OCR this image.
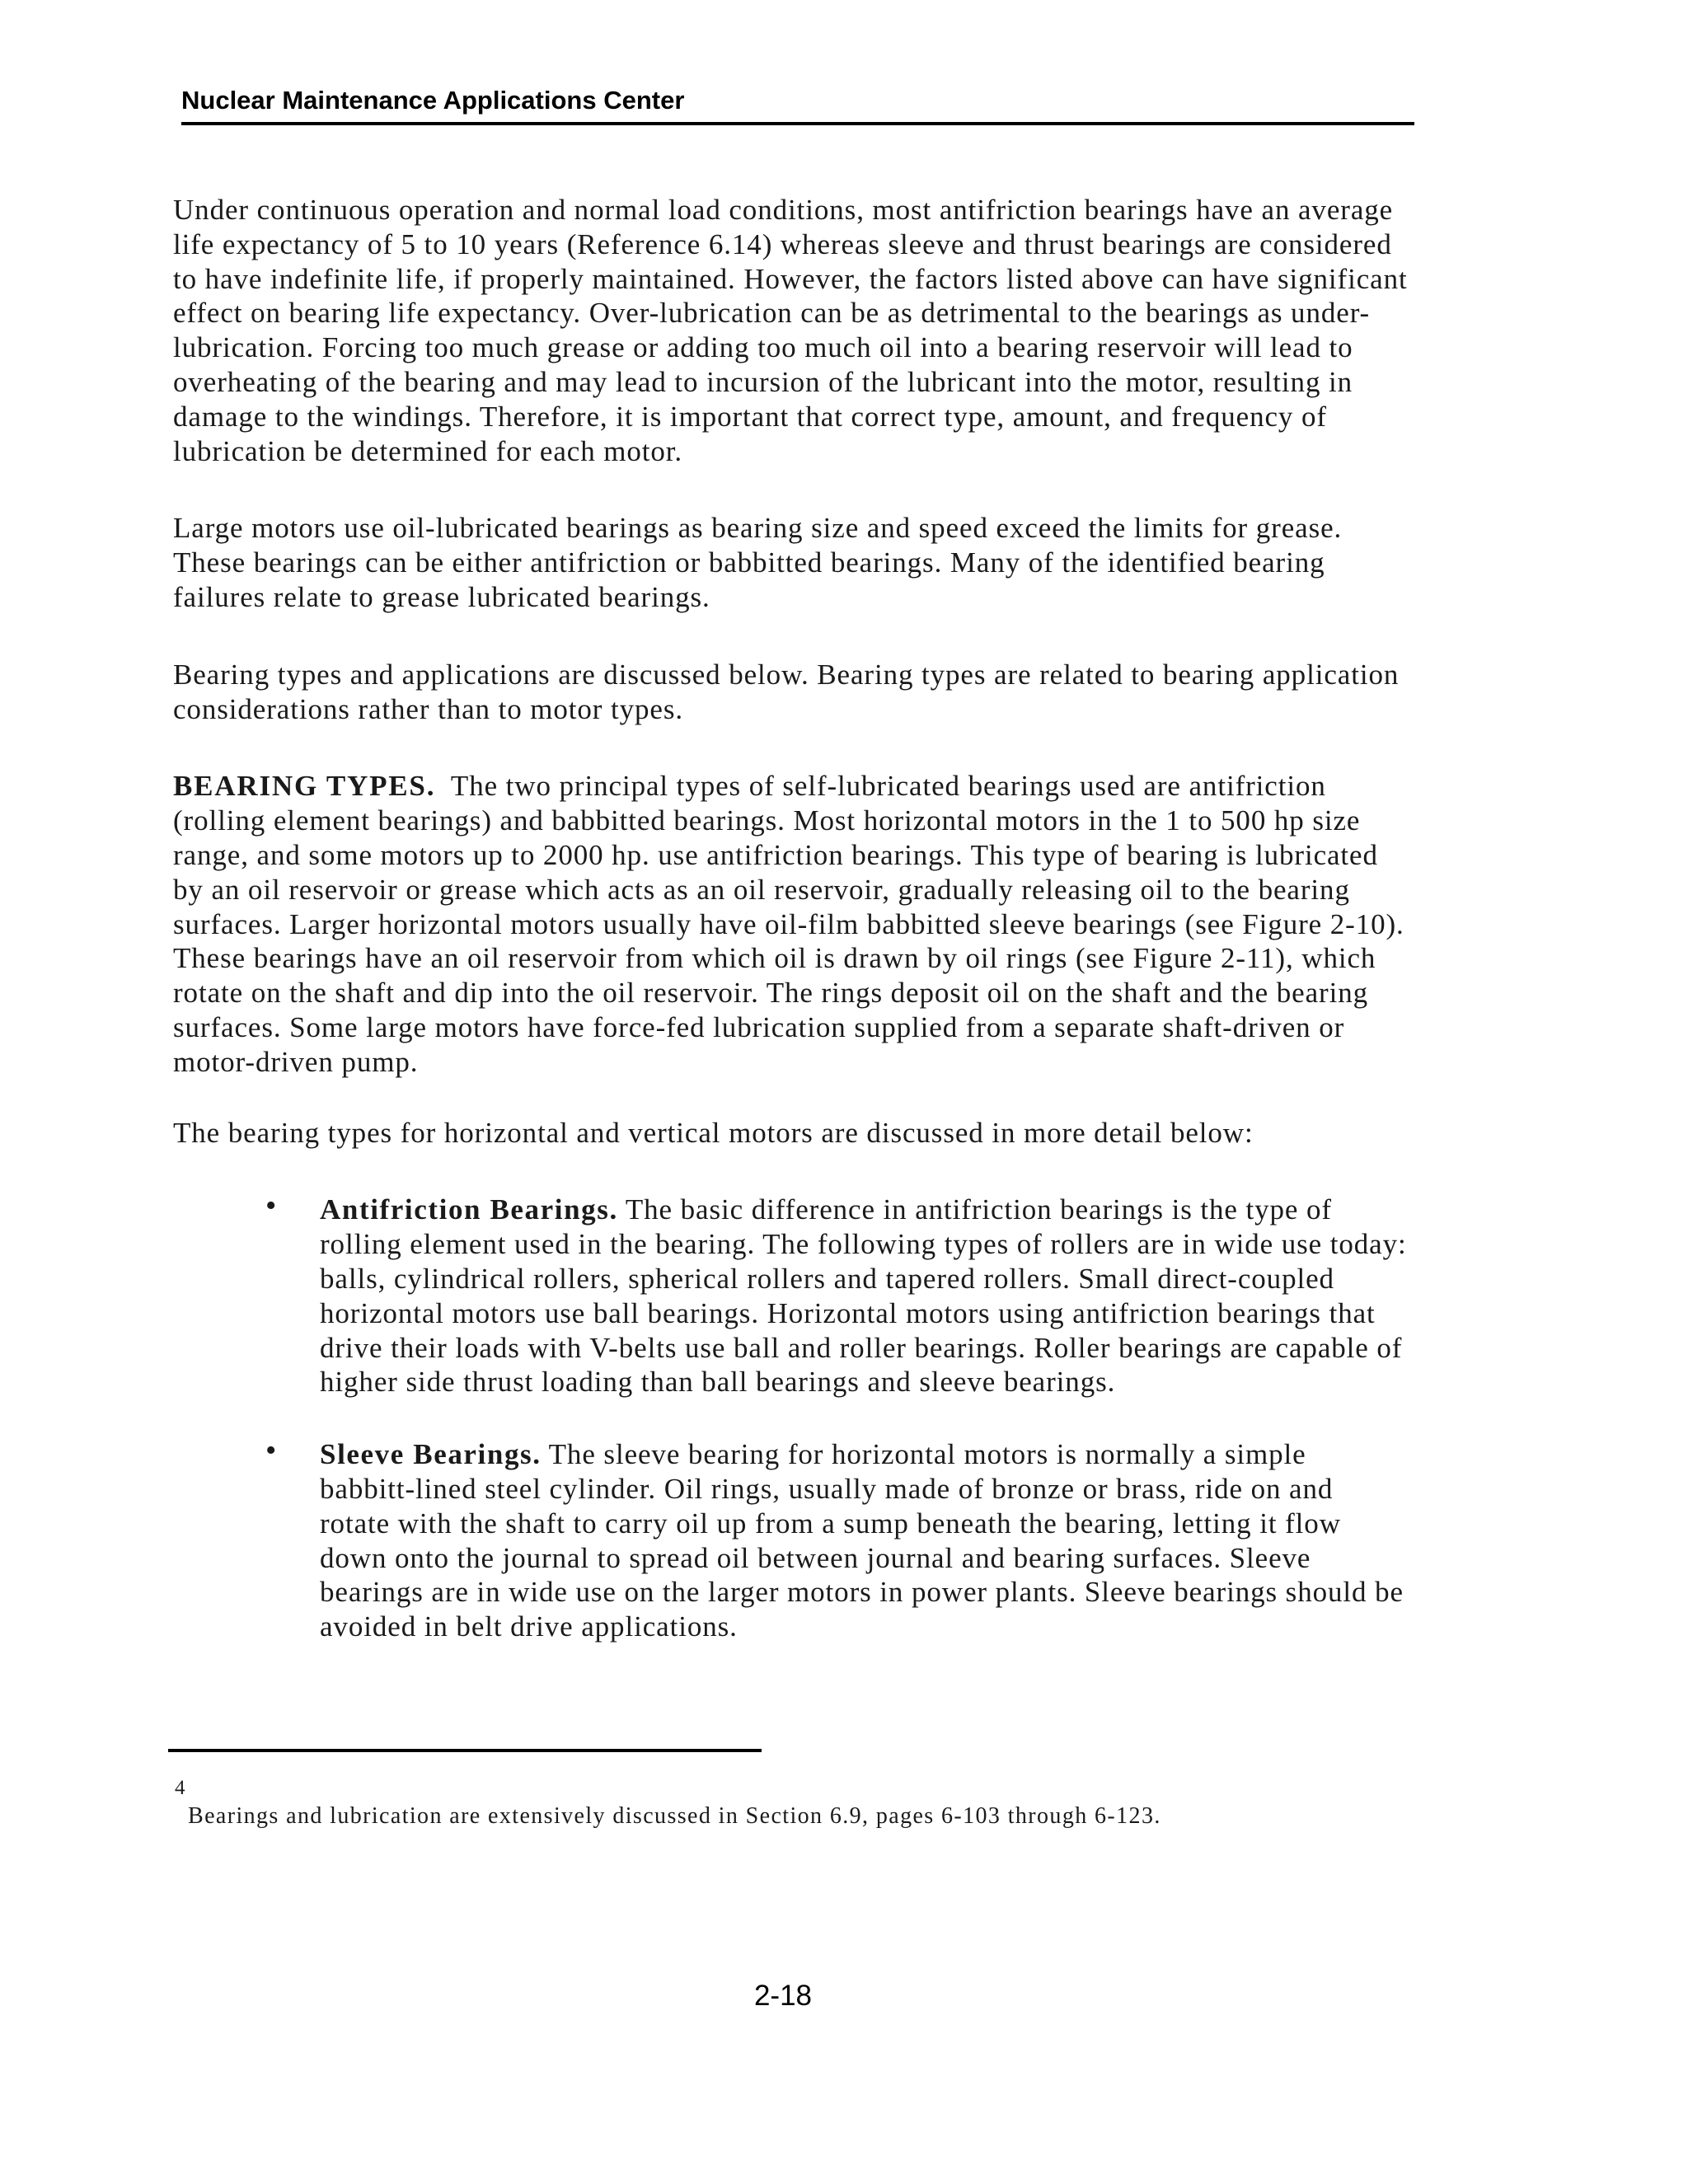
Nuclear Maintenance Applications Center

Under continuous operation and normal load conditions, most antifriction bearings have an average life expectancy of 5 to 10 years (Reference 6.14) whereas sleeve and thrust bearings are considered to have indefinite life, if properly maintained. However, the factors listed above can have significant effect on bearing life expectancy. Over-lubrication can be as detrimental to the bearings as under-lubrication. Forcing too much grease or adding too much oil into a bearing reservoir will lead to overheating of the bearing and may lead to incursion of the lubricant into the motor, resulting in damage to the windings. Therefore, it is important that correct type, amount, and frequency of lubrication be determined for each motor.

Large motors use oil-lubricated bearings as bearing size and speed exceed the limits for grease. These bearings can be either antifriction or babbitted bearings. Many of the identified bearing failures relate to grease lubricated bearings.

Bearing types and applications are discussed below. Bearing types are related to bearing application considerations rather than to motor types.

BEARING TYPES. The two principal types of self-lubricated bearings used are antifriction (rolling element bearings) and babbitted bearings. Most horizontal motors in the 1 to 500 hp size range, and some motors up to 2000 hp. use antifriction bearings. This type of bearing is lubricated by an oil reservoir or grease which acts as an oil reservoir, gradually releasing oil to the bearing surfaces. Larger horizontal motors usually have oil-film babbitted sleeve bearings (see Figure 2-10). These bearings have an oil reservoir from which oil is drawn by oil rings (see Figure 2-11), which rotate on the shaft and dip into the oil reservoir. The rings deposit oil on the shaft and the bearing surfaces. Some large motors have force-fed lubrication supplied from a separate shaft-driven or motor-driven pump.

The bearing types for horizontal and vertical motors are discussed in more detail below:

• Antifriction Bearings. The basic difference in antifriction bearings is the type of rolling element used in the bearing. The following types of rollers are in wide use today: balls, cylindrical rollers, spherical rollers and tapered rollers. Small direct-coupled horizontal motors use ball bearings. Horizontal motors using antifriction bearings that drive their loads with V-belts use ball and roller bearings. Roller bearings are capable of higher side thrust loading than ball bearings and sleeve bearings.
• Sleeve Bearings. The sleeve bearing for horizontal motors is normally a simple babbitt-lined steel cylinder. Oil rings, usually made of bronze or brass, ride on and rotate with the shaft to carry oil up from a sump beneath the bearing, letting it flow down onto the journal to spread oil between journal and bearing surfaces. Sleeve bearings are in wide use on the larger motors in power plants. Sleeve bearings should be avoided in belt drive applications.
4
Bearings and lubrication are extensively discussed in Section 6.9, pages 6-103 through 6-123.
2-18
